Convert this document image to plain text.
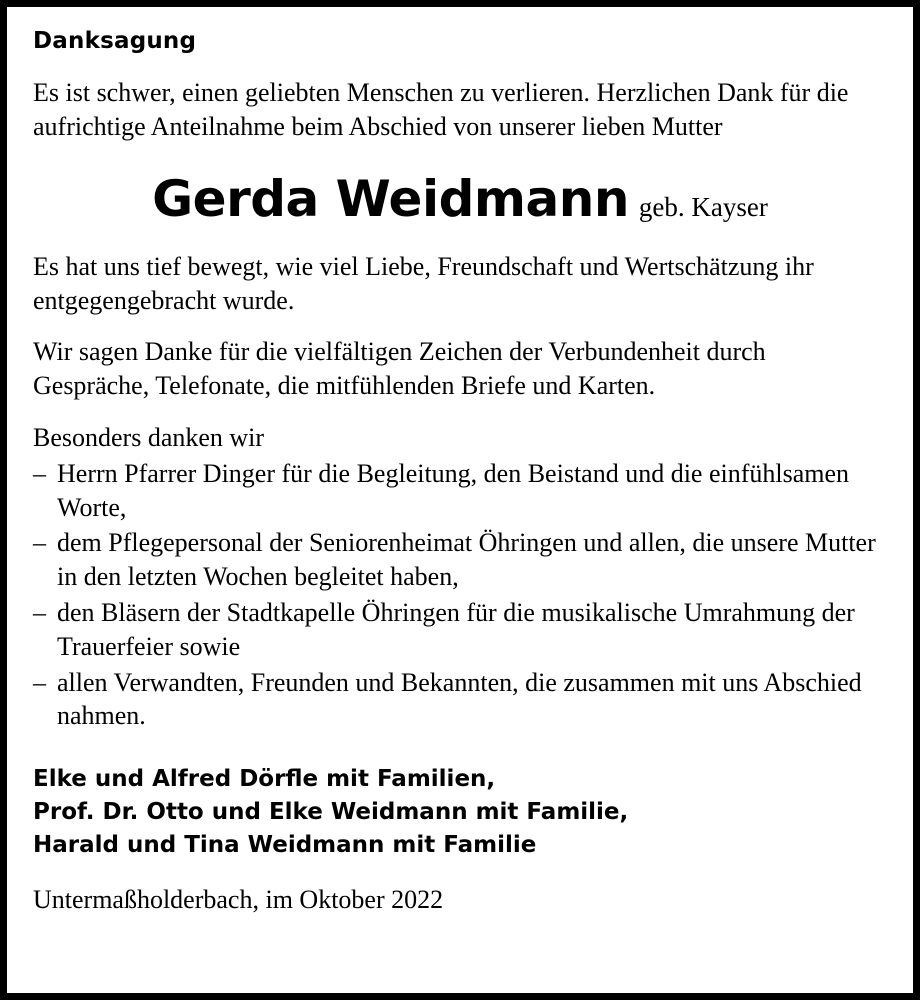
Danksagung
Es ist schwer, einen geliebten Menschen zu verlieren. Herzlichen Dank für die aufrichtige Anteilnahme beim Abschied von unserer lieben Mutter
Gerda Weidmann geb. Kayser
Es hat uns tief bewegt, wie viel Liebe, Freundschaft und Wertschätzung ihr entgegengebracht wurde.
Wir sagen Danke für die vielfältigen Zeichen der Verbundenheit durch Gespräche, Telefonate, die mitfühlenden Briefe und Karten.
Besonders danken wir
– Herrn Pfarrer Dinger für die Begleitung, den Beistand und die einfühlsamen Worte,
– dem Pflegepersonal der Seniorenheimat Öhringen und allen, die unsere Mutter in den letzten Wochen begleitet haben,
– den Bläsern der Stadtkapelle Öhringen für die musikalische Umrahmung der Trauerfeier sowie
– allen Verwandten, Freunden und Bekannten, die zusammen mit uns Abschied nahmen.
Elke und Alfred Dörfle mit Familien,
Prof. Dr. Otto und Elke Weidmann mit Familie,
Harald und Tina Weidmann mit Familie
Untermaßholderbach, im Oktober 2022
